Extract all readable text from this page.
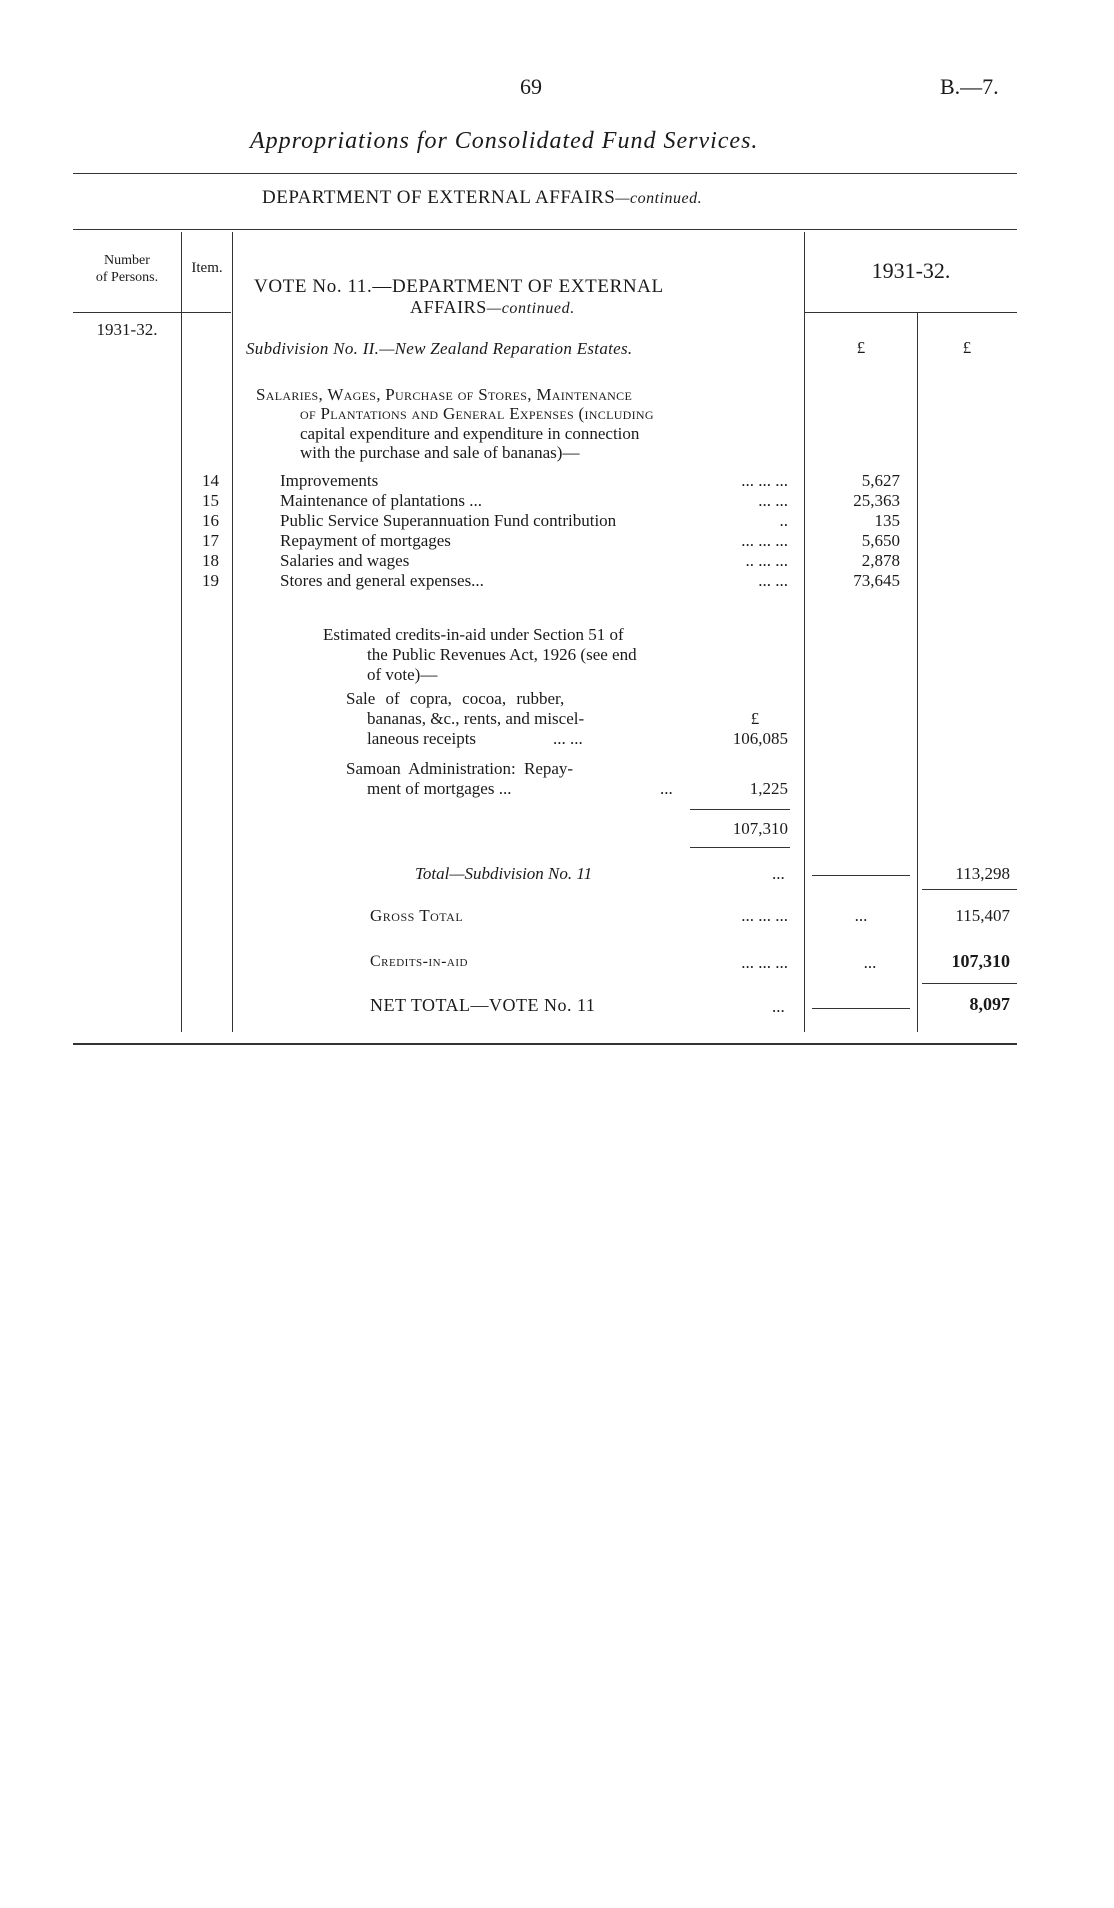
69	B.—7.
Appropriations for Consolidated Fund Services.
DEPARTMENT OF EXTERNAL AFFAIRS—continued.
Number
of Persons.
Item.
VOTE No. 11.—DEPARTMENT OF EXTERNAL
AFFAIRS—continued.
1931-32.
1931-32.
£	£
Subdivision No. II.—New Zealand Reparation Estates.
Salaries, Wages, Purchase of Stores, Maintenance
of Plantations and General Expenses (including
capital expenditure and expenditure in connection
with the purchase and sale of bananas)—
14	Improvements	... ... ...	5,627
15	Maintenance of plantations ...	... ...	25,363
16	Public Service Superannuation Fund contribution	..	135
17	Repayment of mortgages	... ... ...	5,650
18	Salaries and wages	.. ... ...	2,878
19	Stores and general expenses...	... ...	73,645
Estimated credits-in-aid under Section 51 of
the Public Revenues Act, 1926 (see end
of vote)—
Sale of copra, cocoa, rubber,
bananas, &c., rents, and miscel-
laneous receipts	... ...
£
106,085
Samoan Administration: Repay-
ment of mortgages ...	...	1,225
107,310
Total—Subdivision No. 11	...	113,298
Gross Total	... ... ...	...	115,407
Credits-in-aid	... ... ...	...	107,310
NET TOTAL—VOTE No. 11	...	8,097
